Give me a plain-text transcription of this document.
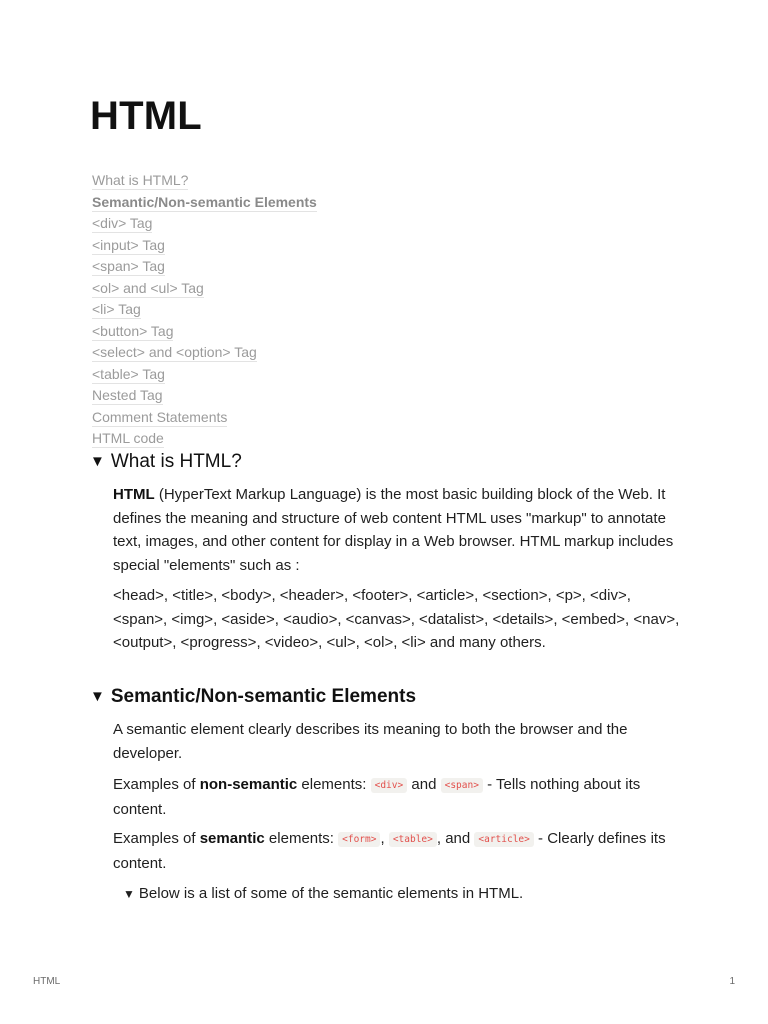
HTML
What is HTML?
Semantic/Non-semantic Elements
<div> Tag
<input> Tag
<span> Tag
<ol> and <ul> Tag
<li> Tag
<button> Tag
<select> and <option> Tag
<table> Tag
Nested Tag
Comment Statements
HTML code
▼ What is HTML?

HTML (HyperText Markup Language) is the most basic building block of the Web. It defines the meaning and structure of web content HTML uses "markup" to annotate text, images, and other content for display in a Web browser. HTML markup includes special "elements" such as :

<head>, <title>, <body>, <header>, <footer>, <article>, <section>, <p>, <div>, <span>, <img>, <aside>, <audio>, <canvas>, <datalist>, <details>, <embed>, <nav>, <output>, <progress>, <video>, <ul>, <ol>, <li> and many others.

▼ Semantic/Non-semantic Elements

A semantic element clearly describes its meaning to both the browser and the developer.

Examples of non-semantic elements: <div> and <span> - Tells nothing about its content.

Examples of semantic elements: <form> , <table> , and <article> - Clearly defines its content.

▼ Below is a list of some of the semantic elements in HTML.

HTML	1
